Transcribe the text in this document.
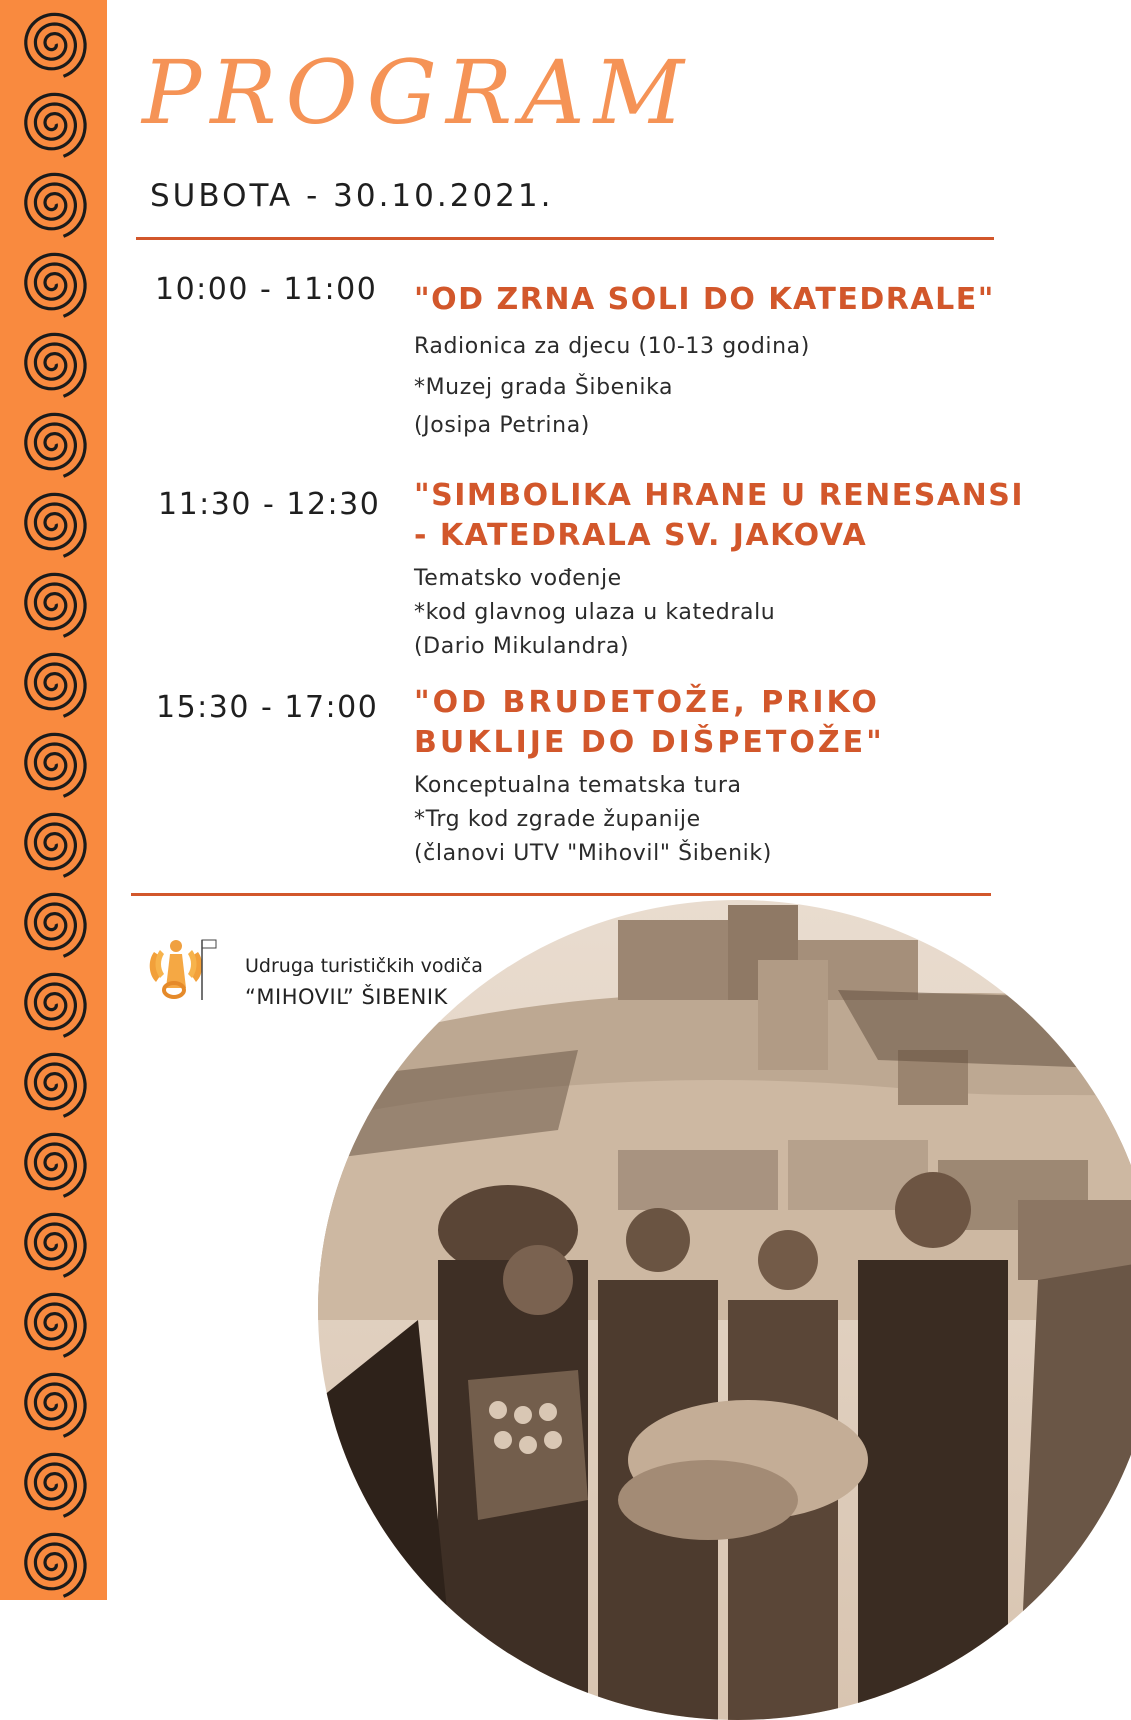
PROGRAM
SUBOTA - 30.10.2021.
10:00 - 11:00 "OD ZRNA SOLI DO KATEDRALE"

Radionica za djecu (10-13 godina)

*Muzej grada Šibenika

(Josipa Petrina)

11:30 - 12:30 "SIMBOLIKA HRANE U RENESANSI

- KATEDRALA SV. JAKOVA

Tematsko vođenje

*kod glavnog ulaza u katedralu

(Dario Mikulandra)

15:30 - 17:00 "OD BRUDETOŽE, PRIKO

BUKLIJE DO DIŠPETOŽE"

Konceptualna tematska tura

*Trg kod zgrade županije

(članovi UTV "Mihovil" Šibenik)

Udruga turističkih vodiča

“MIHOVIL” ŠIBENIK
